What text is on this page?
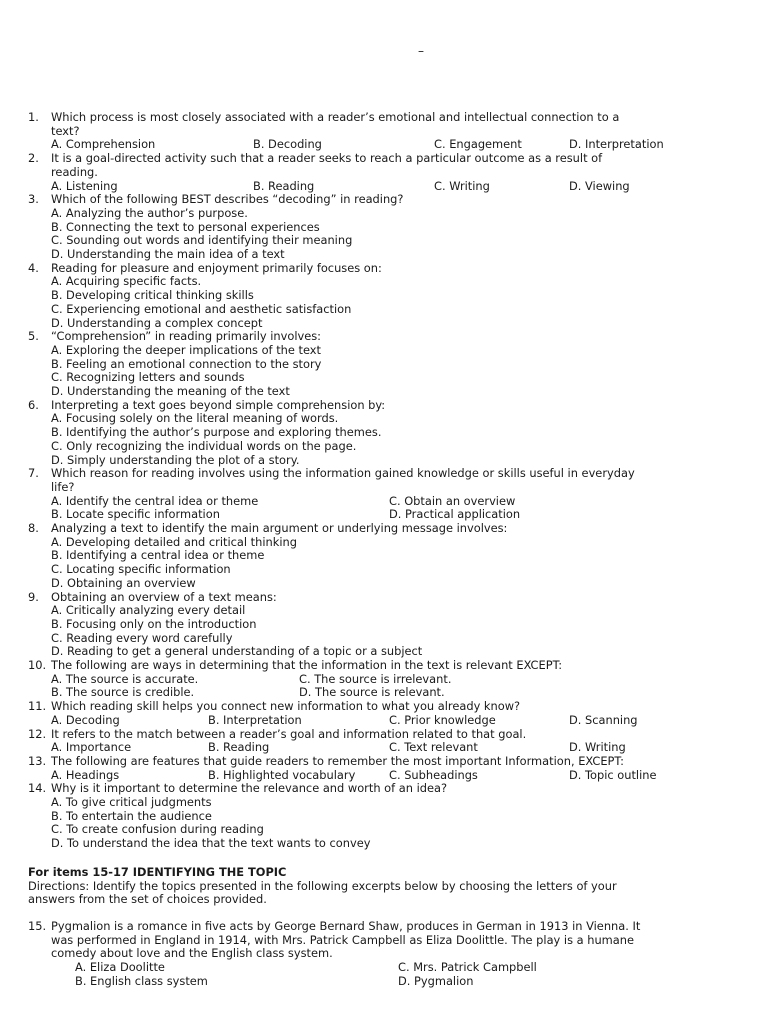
–
1.	Which process is most closely associated with a reader’s emotional and intellectual connection to a
text?
A. Comprehension	B. Decoding	C. Engagement	D. Interpretation
2.	It is a goal-directed activity such that a reader seeks to reach a particular outcome as a result of
reading.
A. Listening	B. Reading	C. Writing	D. Viewing
3.	Which of the following BEST describes “decoding” in reading?
A. Analyzing the author’s purpose.
B. Connecting the text to personal experiences
C. Sounding out words and identifying their meaning
D. Understanding the main idea of a text
4.	Reading for pleasure and enjoyment primarily focuses on:
A. Acquiring specific facts.
B. Developing critical thinking skills
C. Experiencing emotional and aesthetic satisfaction
D. Understanding a complex concept
5.	“Comprehension” in reading primarily involves:
A. Exploring the deeper implications of the text
B. Feeling an emotional connection to the story
C. Recognizing letters and sounds
D. Understanding the meaning of the text
6.	Interpreting a text goes beyond simple comprehension by:
A. Focusing solely on the literal meaning of words.
B. Identifying the author’s purpose and exploring themes.
C. Only recognizing the individual words on the page.
D. Simply understanding the plot of a story.
7.	Which reason for reading involves using the information gained knowledge or skills useful in everyday
life?
A. Identify the central idea or theme	C. Obtain an overview
B. Locate specific information	D. Practical application
8.	Analyzing a text to identify the main argument or underlying message involves:
A. Developing detailed and critical thinking
B. Identifying a central idea or theme
C. Locating specific information
D. Obtaining an overview
9.	Obtaining an overview of a text means:
A. Critically analyzing every detail
B. Focusing only on the introduction
C. Reading every word carefully
D. Reading to get a general understanding of a topic or a subject
10. The following are ways in determining that the information in the text is relevant EXCEPT:
A. The source is accurate.	C. The source is irrelevant.
B. The source is credible.	D. The source is relevant.
11. Which reading skill helps you connect new information to what you already know?
A. Decoding	B. Interpretation	C. Prior knowledge	D. Scanning
12. It refers to the match between a reader’s goal and information related to that goal.
A. Importance	B. Reading	C. Text relevant	D. Writing
13. The following are features that guide readers to remember the most important Information, EXCEPT:
A. Headings	B. Highlighted vocabulary	C. Subheadings	D. Topic outline
14. Why is it important to determine the relevance and worth of an idea?
A. To give critical judgments
B. To entertain the audience
C. To create confusion during reading
D. To understand the idea that the text wants to convey
For items 15-17 IDENTIFYING THE TOPIC
Directions: Identify the topics presented in the following excerpts below by choosing the letters of your
answers from the set of choices provided.
15. Pygmalion is a romance in five acts by George Bernard Shaw, produces in German in 1913 in Vienna. It
was performed in England in 1914, with Mrs. Patrick Campbell as Eliza Doolittle. The play is a humane
comedy about love and the English class system.
A. Eliza Doolitte	C. Mrs. Patrick Campbell
B. English class system	D. Pygmalion
